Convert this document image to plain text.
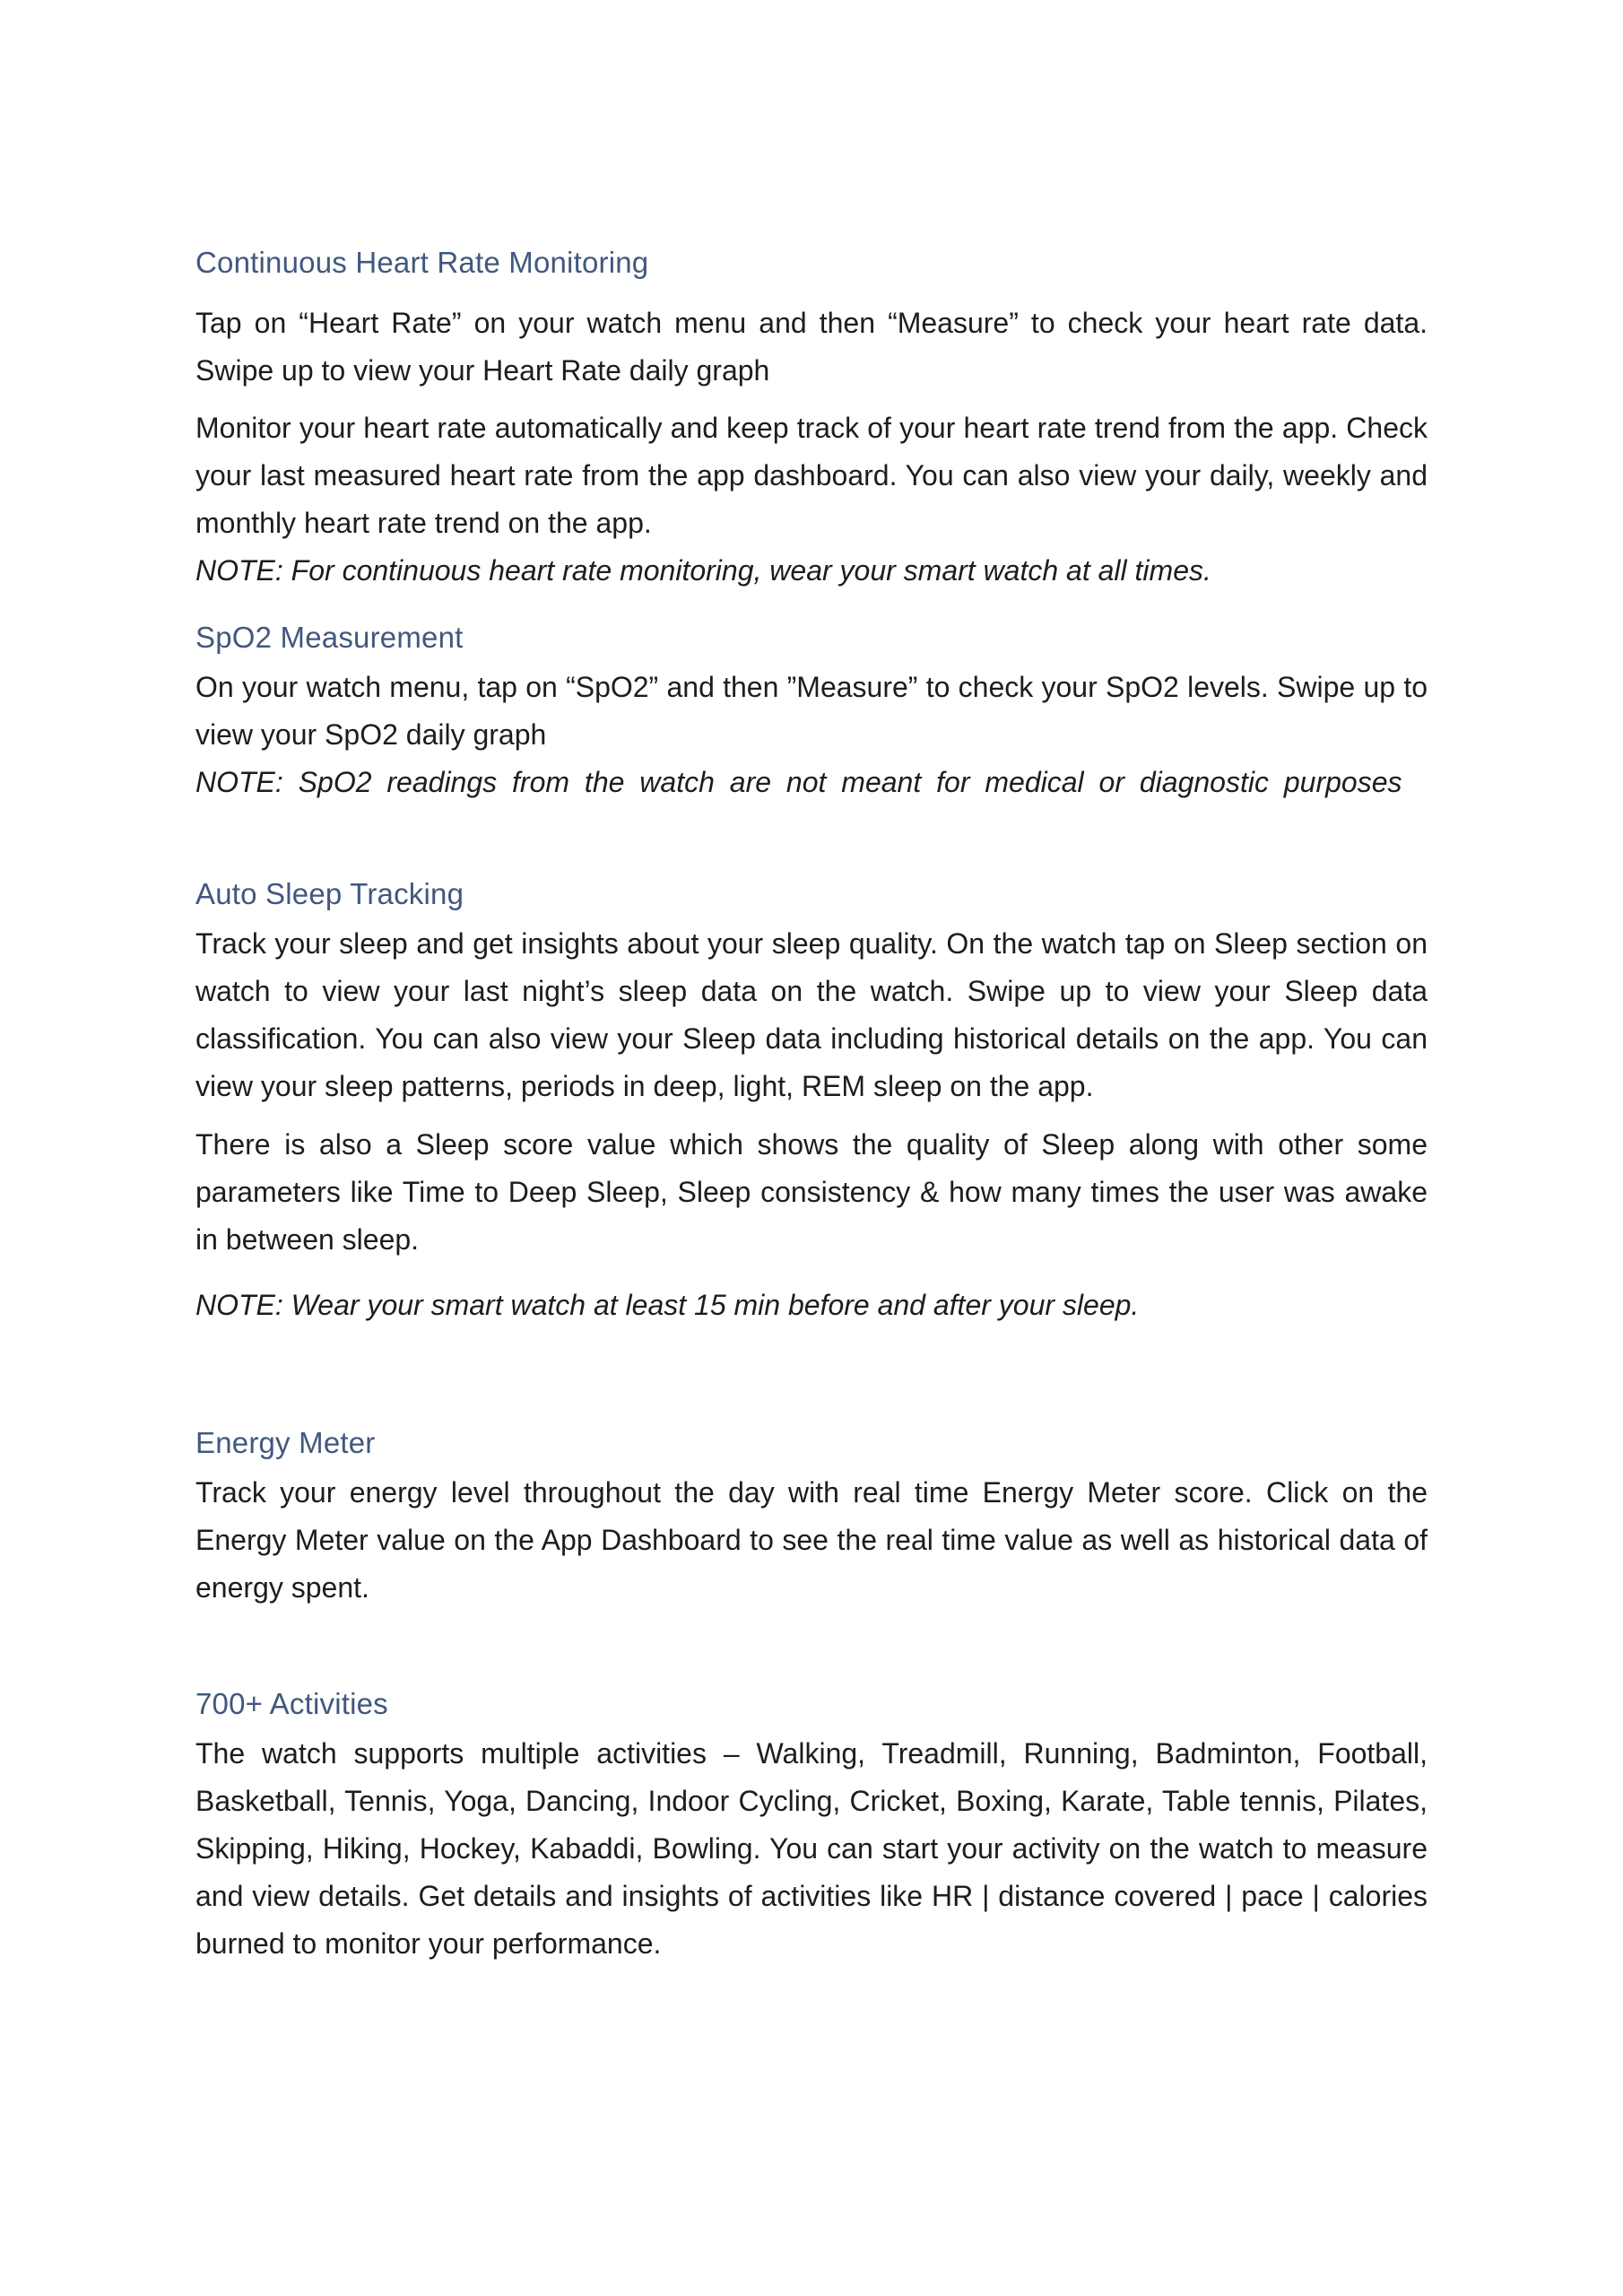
Continuous Heart Rate Monitoring

Tap on “Heart Rate” on your watch menu and then “Measure” to check your heart rate data. Swipe up to view your Heart Rate daily graph

Monitor your heart rate automatically and keep track of your heart rate trend from the app. Check your last measured heart rate from the app dashboard. You can also view your daily, weekly and monthly heart rate trend on the app.

NOTE: For continuous heart rate monitoring, wear your smart watch at all times.

SpO2 Measurement

On your watch menu, tap on “SpO2” and then ”Measure” to check your SpO2 levels. Swipe up to view your SpO2 daily graph

NOTE: SpO2 readings from the watch are not meant for medical or diagnostic purposes

Auto Sleep Tracking

Track your sleep and get insights about your sleep quality. On the watch tap on Sleep section on watch to view your last night’s sleep data on the watch. Swipe up to view your Sleep data classification. You can also view your Sleep data including historical details on the app. You can view your sleep patterns, periods in deep, light, REM sleep on the app.

There is also a Sleep score value which shows the quality of Sleep along with other some parameters like Time to Deep Sleep, Sleep consistency & how many times the user was awake in between sleep.

NOTE: Wear your smart watch at least 15 min before and after your sleep.

Energy Meter

Track your energy level throughout the day with real time Energy Meter score. Click on the Energy Meter value on the App Dashboard to see the real time value as well as historical data of energy spent.

700+ Activities

The watch supports multiple activities – Walking, Treadmill, Running, Badminton, Football, Basketball, Tennis, Yoga, Dancing, Indoor Cycling, Cricket, Boxing, Karate, Table tennis, Pilates, Skipping, Hiking, Hockey, Kabaddi, Bowling. You can start your activity on the watch to measure and view details. Get details and insights of activities like HR | distance covered | pace | calories burned to monitor your performance.
